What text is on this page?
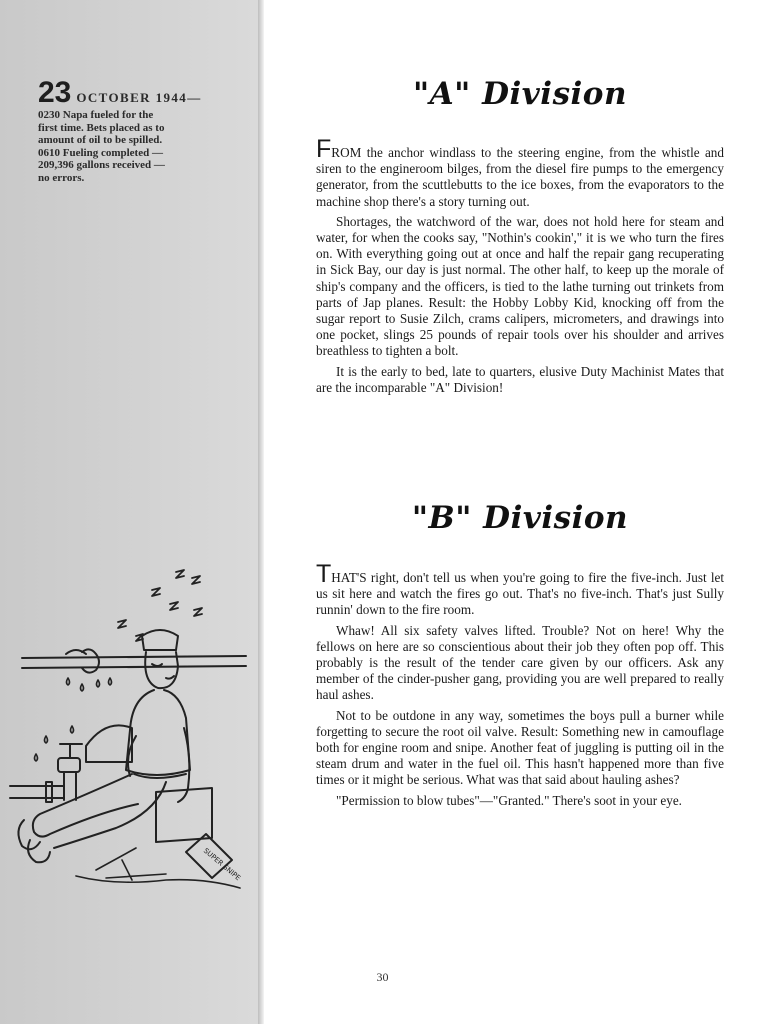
23 OCTOBER 1944—
0230 Napa fueled for the
first time. Bets placed as to
amount of oil to be spilled.
0610 Fueling completed —
209,396 gallons received —
no errors.
SUPER SNIPE
"A" Division

FROM the anchor windlass to the steering engine, from the whistle and siren to the engineroom bilges, from the diesel fire pumps to the emergency generator, from the scuttlebutts to the ice boxes, from the evaporators to the machine shop there's a story turning out.

Shortages, the watchword of the war, does not hold here for steam and water, for when the cooks say, "Nothin's cookin'," it is we who turn the fires on. With everything going out at once and half the repair gang recuperating in Sick Bay, our day is just normal. The other half, to keep up the morale of ship's company and the officers, is tied to the lathe turning out trinkets from parts of Jap planes. Result: the Hobby Lobby Kid, knocking off from the sugar report to Susie Zilch, crams calipers, micrometers, and drawings into one pocket, slings 25 pounds of repair tools over his shoulder and arrives breathless to tighten a bolt.

It is the early to bed, late to quarters, elusive Duty Machinist Mates that are the incomparable "A" Division!

"B" Division

THAT'S right, don't tell us when you're going to fire the five-inch. Just let us sit here and watch the fires go out. That's no five-inch. That's just Sully runnin' down to the fire room.

Whaw! All six safety valves lifted. Trouble? Not on here! Why the fellows on here are so conscientious about their job they often pop off. This probably is the result of the tender care given by our officers. Ask any member of the cinder-pusher gang, providing you are well prepared to really haul ashes.

Not to be outdone in any way, sometimes the boys pull a burner while forgetting to secure the root oil valve. Result: Something new in camouflage both for engine room and snipe. Another feat of juggling is putting oil in the steam drum and water in the fuel oil. This hasn't happened more than five times or it might be serious. What was that said about hauling ashes?

"Permission to blow tubes"—"Granted." There's soot in your eye.

30
